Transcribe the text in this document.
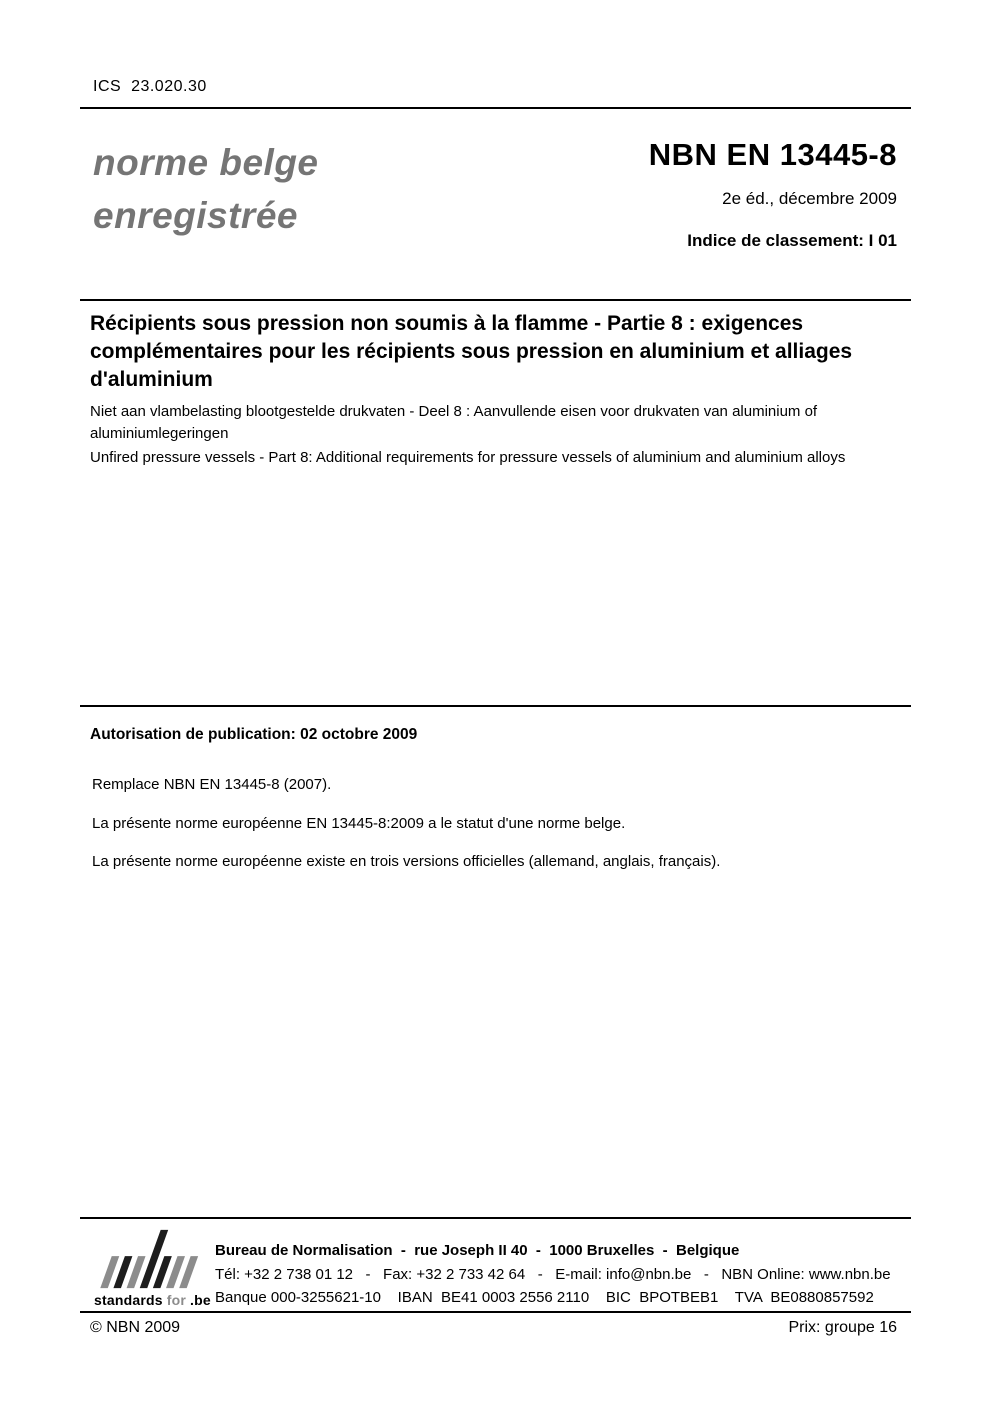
ICS  23.020.30
norme belge
enregistrée
NBN EN 13445-8
2e éd., décembre 2009
Indice de classement: I 01
Récipients sous pression non soumis à la flamme - Partie 8 : exigences complémentaires pour les récipients sous pression en aluminium et alliages d'aluminium
Niet aan vlambelasting blootgestelde drukvaten - Deel 8 : Aanvullende eisen voor drukvaten van aluminium of aluminiumlegeringen
Unfired pressure vessels - Part 8: Additional requirements for pressure vessels of aluminium and aluminium alloys
Autorisation de publication: 02 octobre 2009
Remplace NBN EN 13445-8 (2007).
La présente norme européenne EN 13445-8:2009 a le statut d'une norme belge.
La présente norme européenne existe en trois versions officielles (allemand, anglais, français).
standards for .be
Bureau de Normalisation  -  rue Joseph II 40  -  1000 Bruxelles  -  Belgique
Tél: +32 2 738 01 12   -   Fax: +32 2 733 42 64   -   E-mail: info@nbn.be   -   NBN Online: www.nbn.be
Banque 000-3255621-10    IBAN  BE41 0003 2556 2110    BIC  BPOTBEB1    TVA  BE0880857592
© NBN 2009	Prix: groupe 16
